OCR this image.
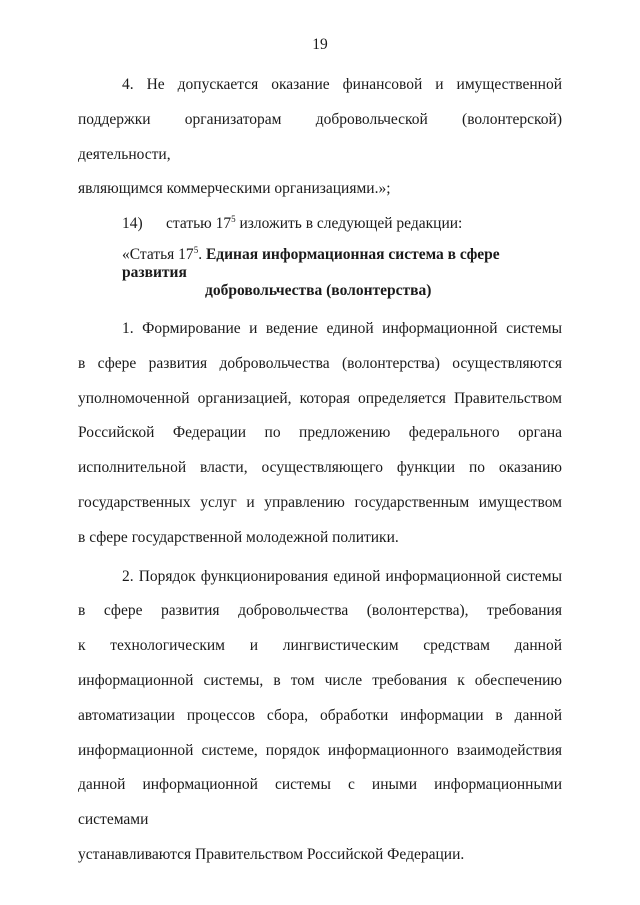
19

4. Не допускается оказание финансовой и имущественной
поддержки организаторам добровольческой (волонтерской) деятельности,
являющимся коммерческими организациями.»;

14) статью $17^5$ изложить в следующей редакции:

«Статья $17^5$. Единая информационная система в сфере развития
добровольчества (волонтерства)

1. Формирование и ведение единой информационной системы
в сфере развития добровольчества (волонтерства) осуществляются
уполномоченной организацией, которая определяется Правительством
Российской Федерации по предложению федерального органа
исполнительной власти, осуществляющего функции по оказанию
государственных услуг и управлению государственным имуществом
в сфере государственной молодежной политики.

2. Порядок функционирования единой информационной системы
в сфере развития добровольчества (волонтерства), требования
к технологическим и лингвистическим средствам данной
информационной системы, в том числе требования к обеспечению
автоматизации процессов сбора, обработки информации в данной
информационной системе, порядок информационного взаимодействия
данной информационной системы с иными информационными системами
устанавливаются Правительством Российской Федерации.
